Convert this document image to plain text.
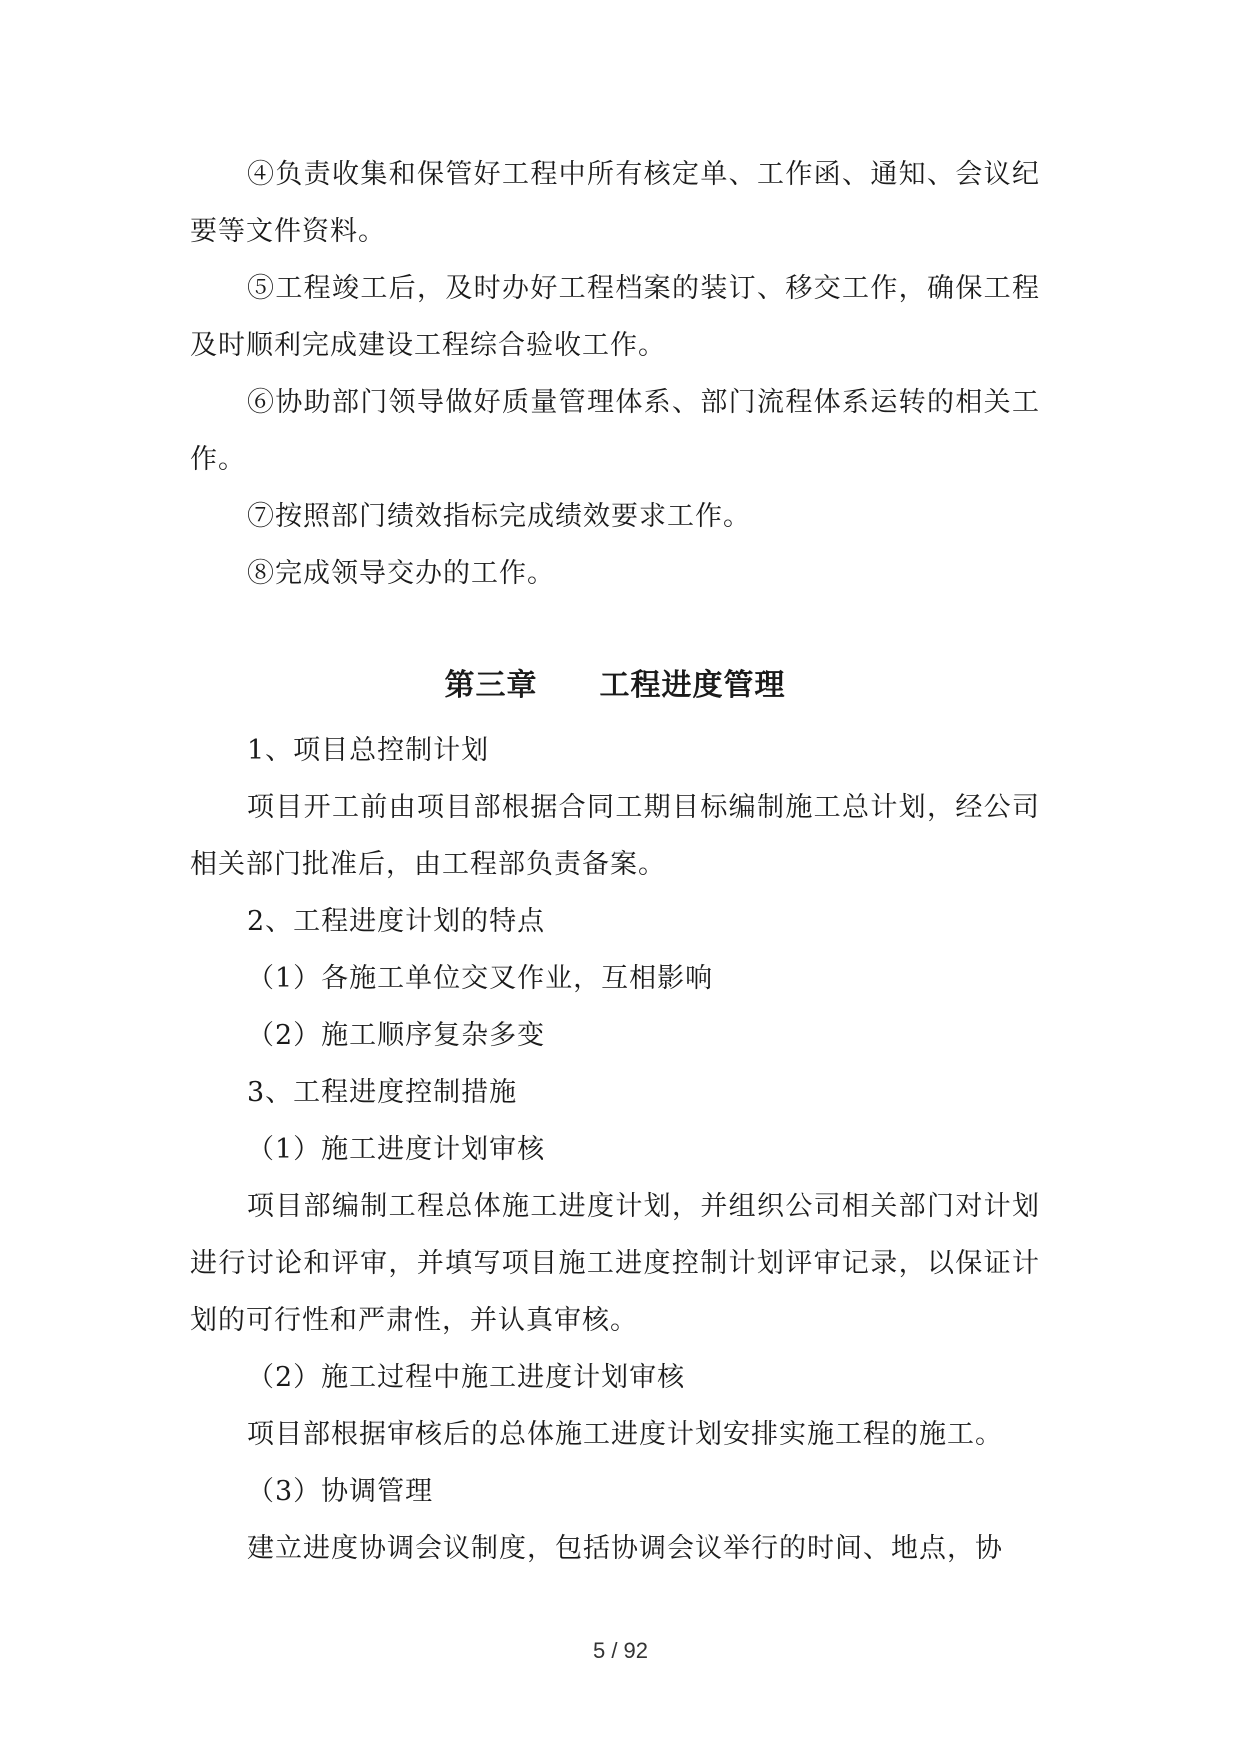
④负责收集和保管好工程中所有核定单、工作函、通知、会议纪要等文件资料。

⑤工程竣工后，及时办好工程档案的装订、移交工作，确保工程及时顺利完成建设工程综合验收工作。

⑥协助部门领导做好质量管理体系、部门流程体系运转的相关工作。

⑦按照部门绩效指标完成绩效要求工作。

⑧完成领导交办的工作。

第三章　　工程进度管理

1、项目总控制计划

项目开工前由项目部根据合同工期目标编制施工总计划，经公司相关部门批准后，由工程部负责备案。

2、工程进度计划的特点

（1）各施工单位交叉作业，互相影响

（2）施工顺序复杂多变

3、工程进度控制措施

（1）施工进度计划审核

项目部编制工程总体施工进度计划，并组织公司相关部门对计划进行讨论和评审，并填写项目施工进度控制计划评审记录，以保证计划的可行性和严肃性，并认真审核。

（2）施工过程中施工进度计划审核

项目部根据审核后的总体施工进度计划安排实施工程的施工。

（3）协调管理

建立进度协调会议制度，包括协调会议举行的时间、地点，协

5 / 92
